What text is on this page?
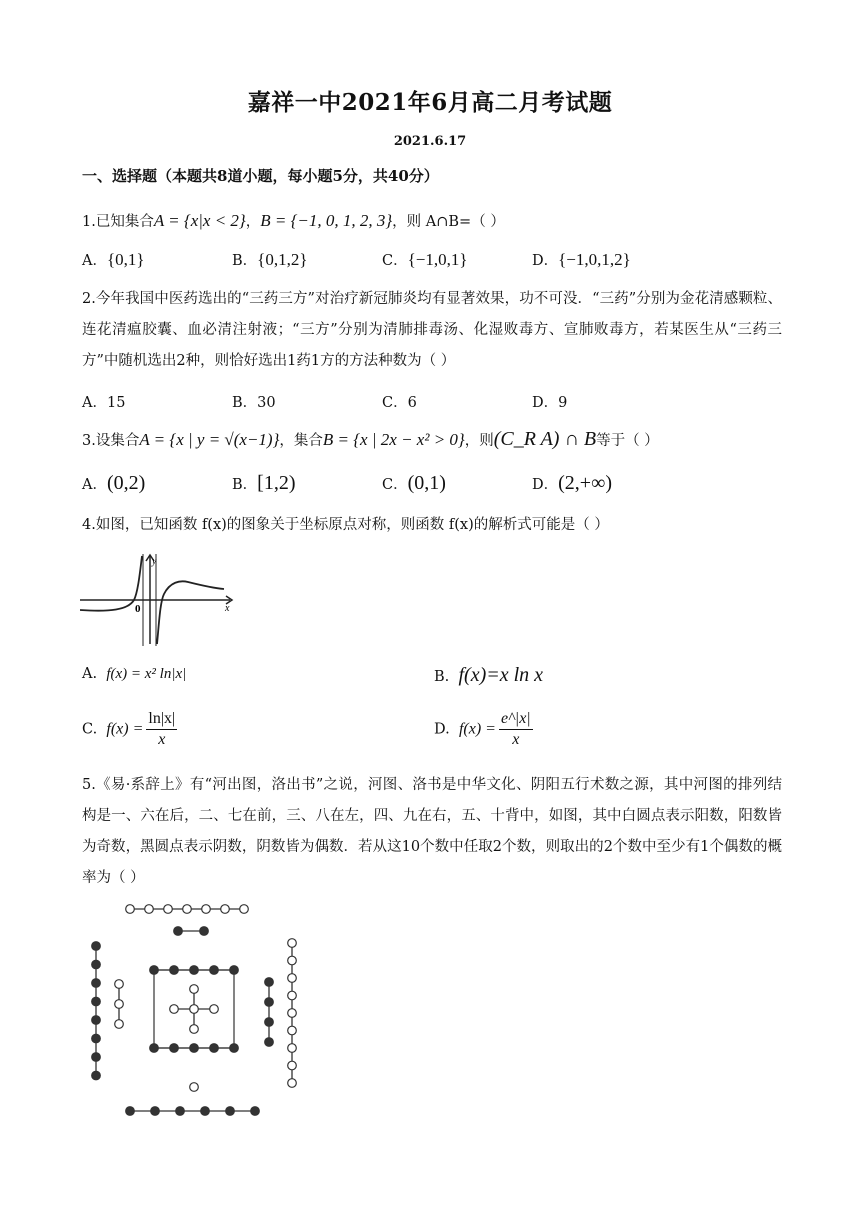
嘉祥一中2021年6月高二月考试题
2021.6.17
一、选择题（本题共8道小题，每小题5分，共40分）
1.已知集合A = {x|x < 2}，B = {−1, 0, 1, 2, 3}，则 A∩B=（ ）
A．{0,1}	B．{0,1,2}	C．{−1,0,1}	D．{−1,0,1,2}
2.今年我国中医药选出的“三药三方”对治疗新冠肺炎均有显著效果，功不可没．“三药”分别为金花清感颗粒、连花清瘟胶囊、血必清注射液；“三方”分别为清肺排毒汤、化湿败毒方、宣肺败毒方，若某医生从“三药三方”中随机选出2种，则恰好选出1药1方的方法种数为（ ）
A．15	B．30	C．6	D．9
3.设集合A = {x | y = √(x−1)}，集合B = {x | 2x − x² > 0}，则(C_R A) ∩ B等于（ ）
A．(0,2)	B．[1,2)	C．(0,1)	D．(2,+∞)
4.如图，已知函数 f(x)的图象关于坐标原点对称，则函数 f(x)的解析式可能是（ ）
y
0	x
A. f(x) = x² ln|x|	B. f(x)=x ln x
C. $f(x) = \frac{\ln|x|}{x}$	D. $f(x) = \frac{e\^{}|x|}{x}$
5.《易·系辞上》有“河出图，洛出书”之说，河图、洛书是中华文化、阴阳五行术数之源，其中河图的排列结构是一、六在后，二、七在前，三、八在左，四、九在右，五、十背中，如图，其中白圆点表示阳数，阳数皆为奇数，黑圆点表示阴数，阴数皆为偶数．若从这10个数中任取2个数，则取出的2个数中至少有1个偶数的概率为（ ）
